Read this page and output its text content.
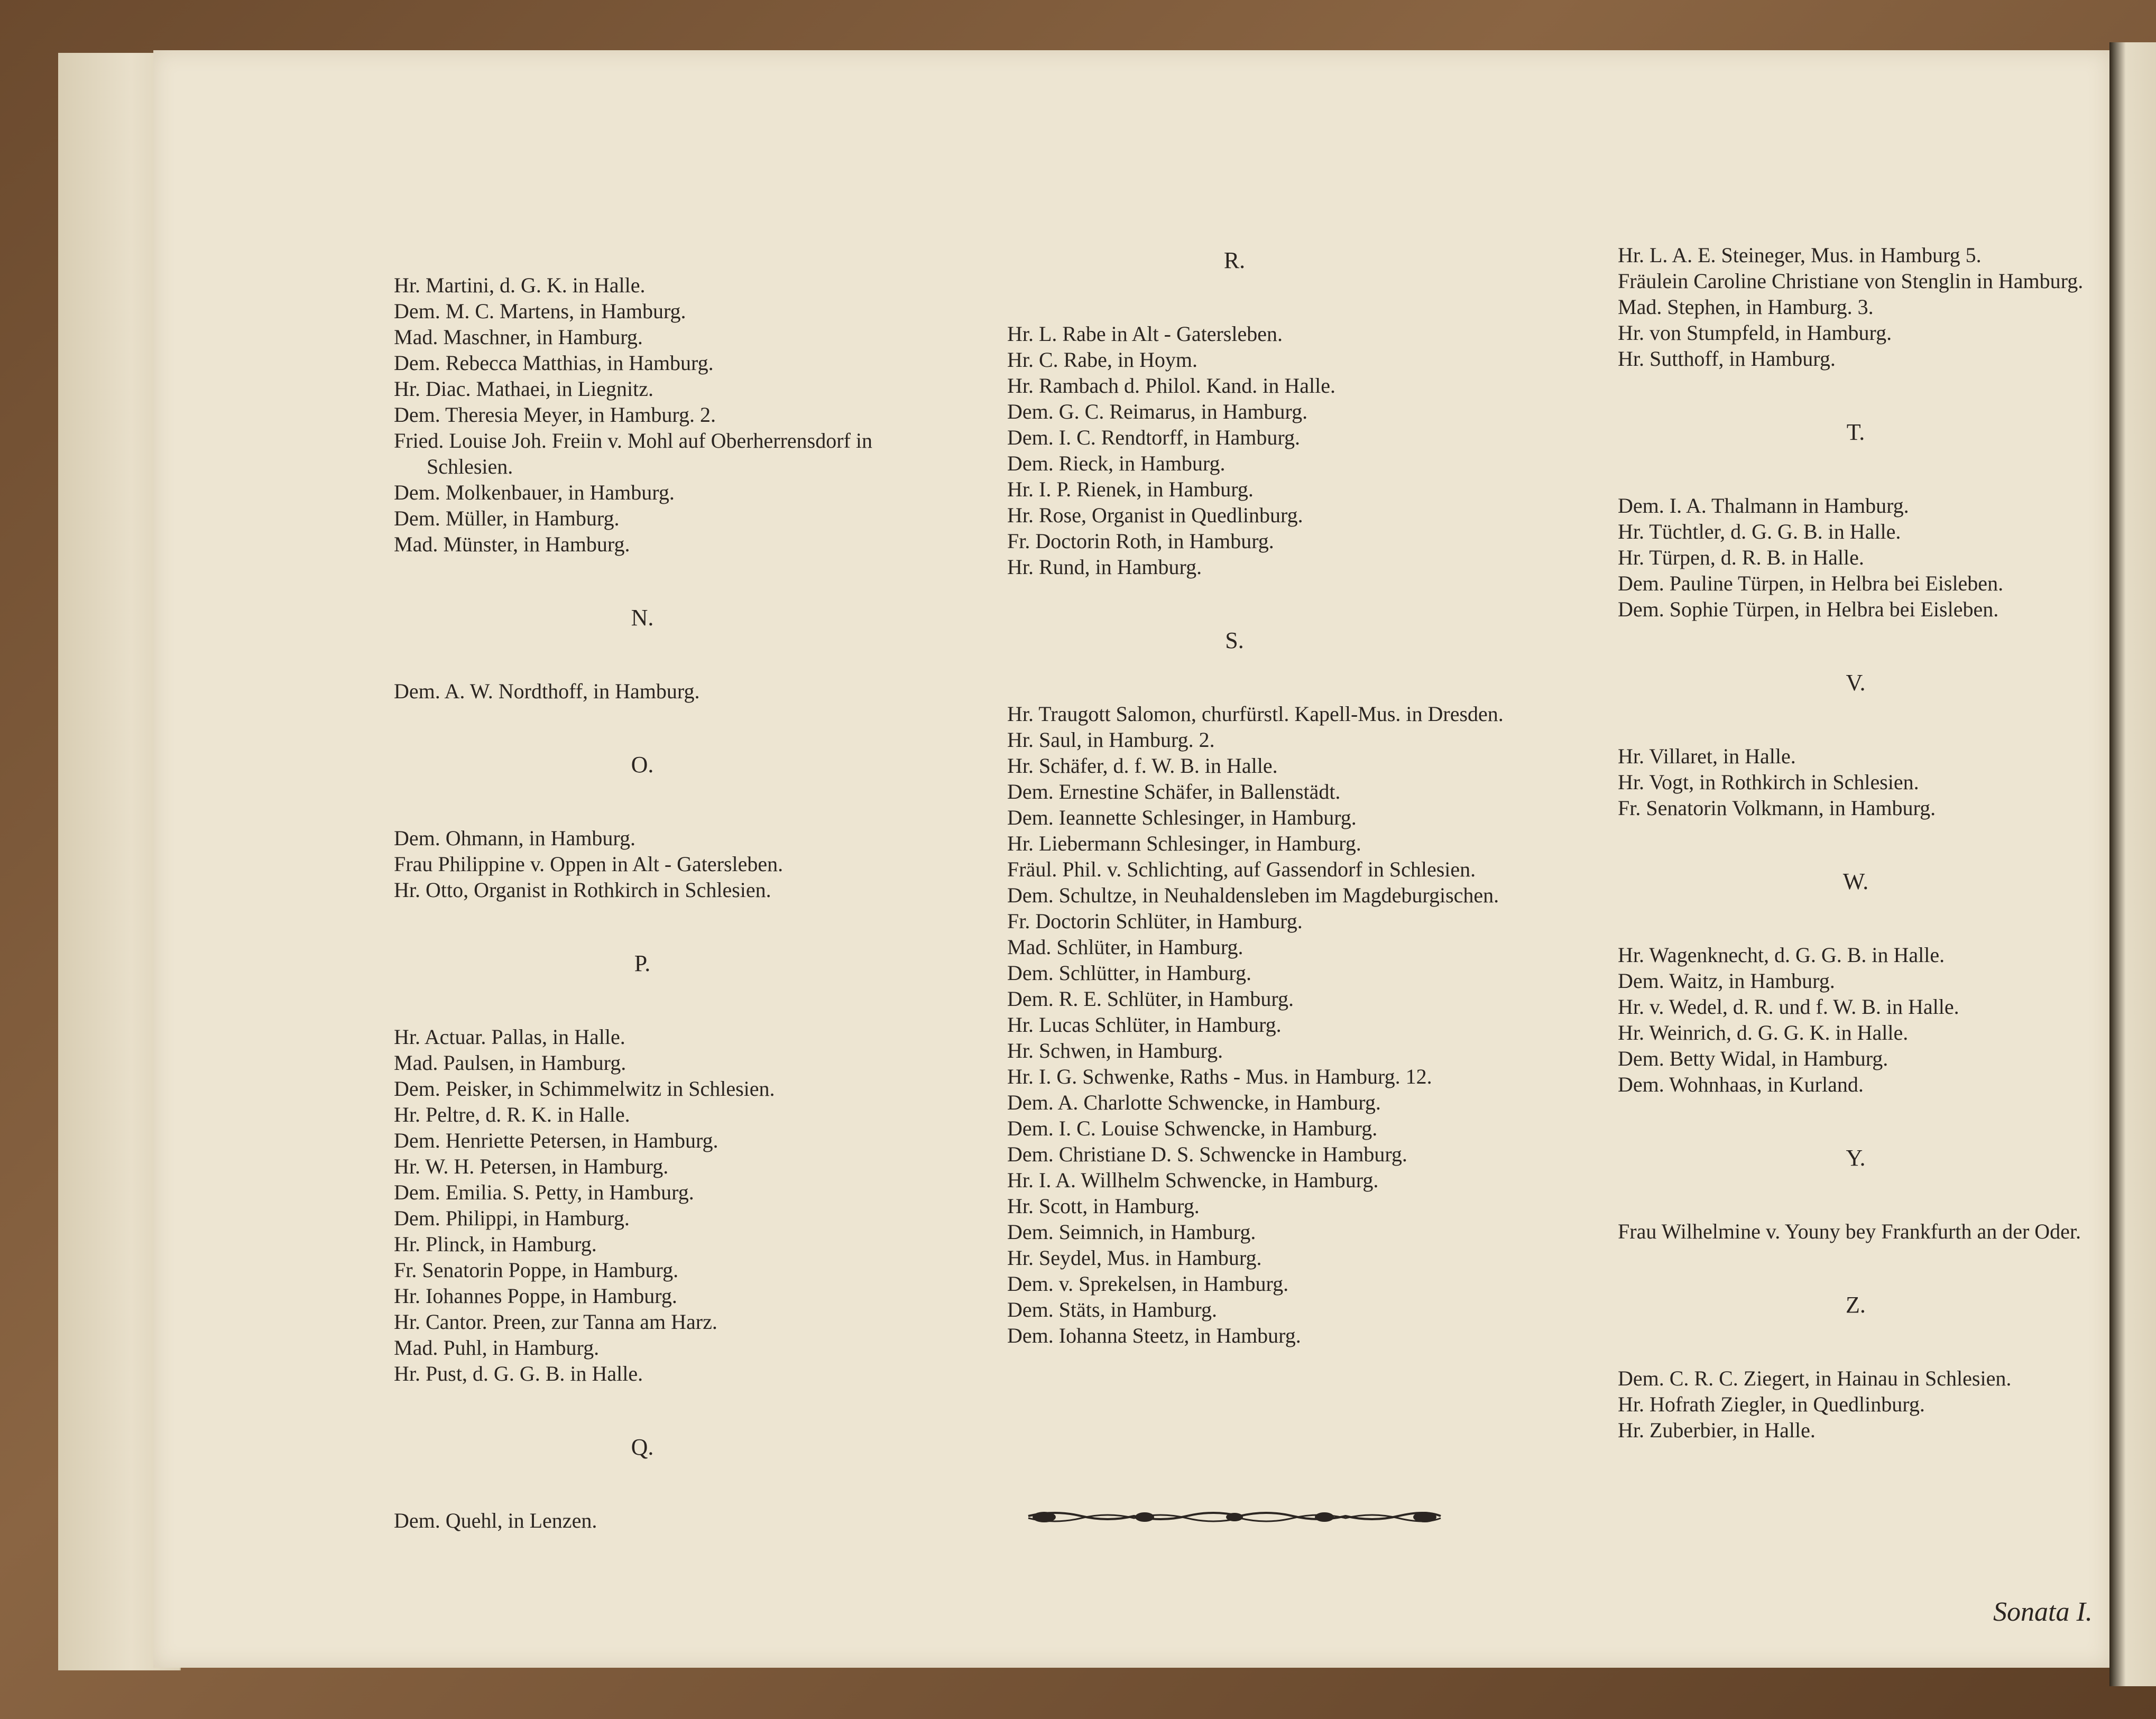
Hr. Martini, d. G. K. in Halle.
Dem. M. C. Martens, in Hamburg.
Mad. Maschner, in Hamburg.
Dem. Rebecca Matthias, in Hamburg.
Hr. Diac. Mathaei, in Liegnitz.
Dem. Theresia Meyer, in Hamburg. 2.
Fried. Louise Joh. Freiin v. Mohl auf Oberherrensdorf in Schlesien.
Dem. Molkenbauer, in Hamburg.
Dem. Müller, in Hamburg.
Mad. Münster, in Hamburg.
N.
Dem. A. W. Nordthoff, in Hamburg.
O.
Dem. Ohmann, in Hamburg.
Frau Philippine v. Oppen in Alt - Gatersleben.
Hr. Otto, Organist in Rothkirch in Schlesien.
P.
Hr. Actuar. Pallas, in Halle.
Mad. Paulsen, in Hamburg.
Dem. Peisker, in Schimmelwitz in Schlesien.
Hr. Peltre, d. R. K. in Halle.
Dem. Henriette Petersen, in Hamburg.
Hr. W. H. Petersen, in Hamburg.
Dem. Emilia. S. Petty, in Hamburg.
Dem. Philippi, in Hamburg.
Hr. Plinck, in Hamburg.
Fr. Senatorin Poppe, in Hamburg.
Hr. Iohannes Poppe, in Hamburg.
Hr. Cantor. Preen, zur Tanna am Harz.
Mad. Puhl, in Hamburg.
Hr. Pust, d. G. G. B. in Halle.
Q.
Dem. Quehl, in Lenzen.
R.
Hr. L. Rabe in Alt - Gatersleben.
Hr. C. Rabe, in Hoym.
Hr. Rambach d. Philol. Kand. in Halle.
Dem. G. C. Reimarus, in Hamburg.
Dem. I. C. Rendtorff, in Hamburg.
Dem. Rieck, in Hamburg.
Hr. I. P. Rienek, in Hamburg.
Hr. Rose, Organist in Quedlinburg.
Fr. Doctorin Roth, in Hamburg.
Hr. Rund, in Hamburg.
S.
Hr. Traugott Salomon, churfürstl. Kapell-Mus. in Dresden.
Hr. Saul, in Hamburg. 2.
Hr. Schäfer, d. f. W. B. in Halle.
Dem. Ernestine Schäfer, in Ballenstädt.
Dem. Ieannette Schlesinger, in Hamburg.
Hr. Liebermann Schlesinger, in Hamburg.
Fräul. Phil. v. Schlichting, auf Gassendorf in Schlesien.
Dem. Schultze, in Neuhaldensleben im Magdeburgischen.
Fr. Doctorin Schlüter, in Hamburg.
Mad. Schlüter, in Hamburg.
Dem. Schlütter, in Hamburg.
Dem. R. E. Schlüter, in Hamburg.
Hr. Lucas Schlüter, in Hamburg.
Hr. Schwen, in Hamburg.
Hr. I. G. Schwenke, Raths - Mus. in Hamburg. 12.
Dem. A. Charlotte Schwencke, in Hamburg.
Dem. I. C. Louise Schwencke, in Hamburg.
Dem. Christiane D. S. Schwencke in Hamburg.
Hr. I. A. Willhelm Schwencke, in Hamburg.
Hr. Scott, in Hamburg.
Dem. Seimnich, in Hamburg.
Hr. Seydel, Mus. in Hamburg.
Dem. v. Sprekelsen, in Hamburg.
Dem. Stäts, in Hamburg.
Dem. Iohanna Steetz, in Hamburg.
Hr. L. A. E. Steineger, Mus. in Hamburg 5.
Fräulein Caroline Christiane von Stenglin in Hamburg.
Mad. Stephen, in Hamburg. 3.
Hr. von Stumpfeld, in Hamburg.
Hr. Sutthoff, in Hamburg.
T.
Dem. I. A. Thalmann in Hamburg.
Hr. Tüchtler, d. G. G. B. in Halle.
Hr. Türpen, d. R. B. in Halle.
Dem. Pauline Türpen, in Helbra bei Eisleben.
Dem. Sophie Türpen, in Helbra bei Eisleben.
V.
Hr. Villaret, in Halle.
Hr. Vogt, in Rothkirch in Schlesien.
Fr. Senatorin Volkmann, in Hamburg.
W.
Hr. Wagenknecht, d. G. G. B. in Halle.
Dem. Waitz, in Hamburg.
Hr. v. Wedel, d. R. und f. W. B. in Halle.
Hr. Weinrich, d. G. G. K. in Halle.
Dem. Betty Widal, in Hamburg.
Dem. Wohnhaas, in Kurland.
Y.
Frau Wilhelmine v. Youny bey Frankfurth an der Oder.
Z.
Dem. C. R. C. Ziegert, in Hainau in Schlesien.
Hr. Hofrath Ziegler, in Quedlinburg.
Hr. Zuberbier, in Halle.
Sonata I.
